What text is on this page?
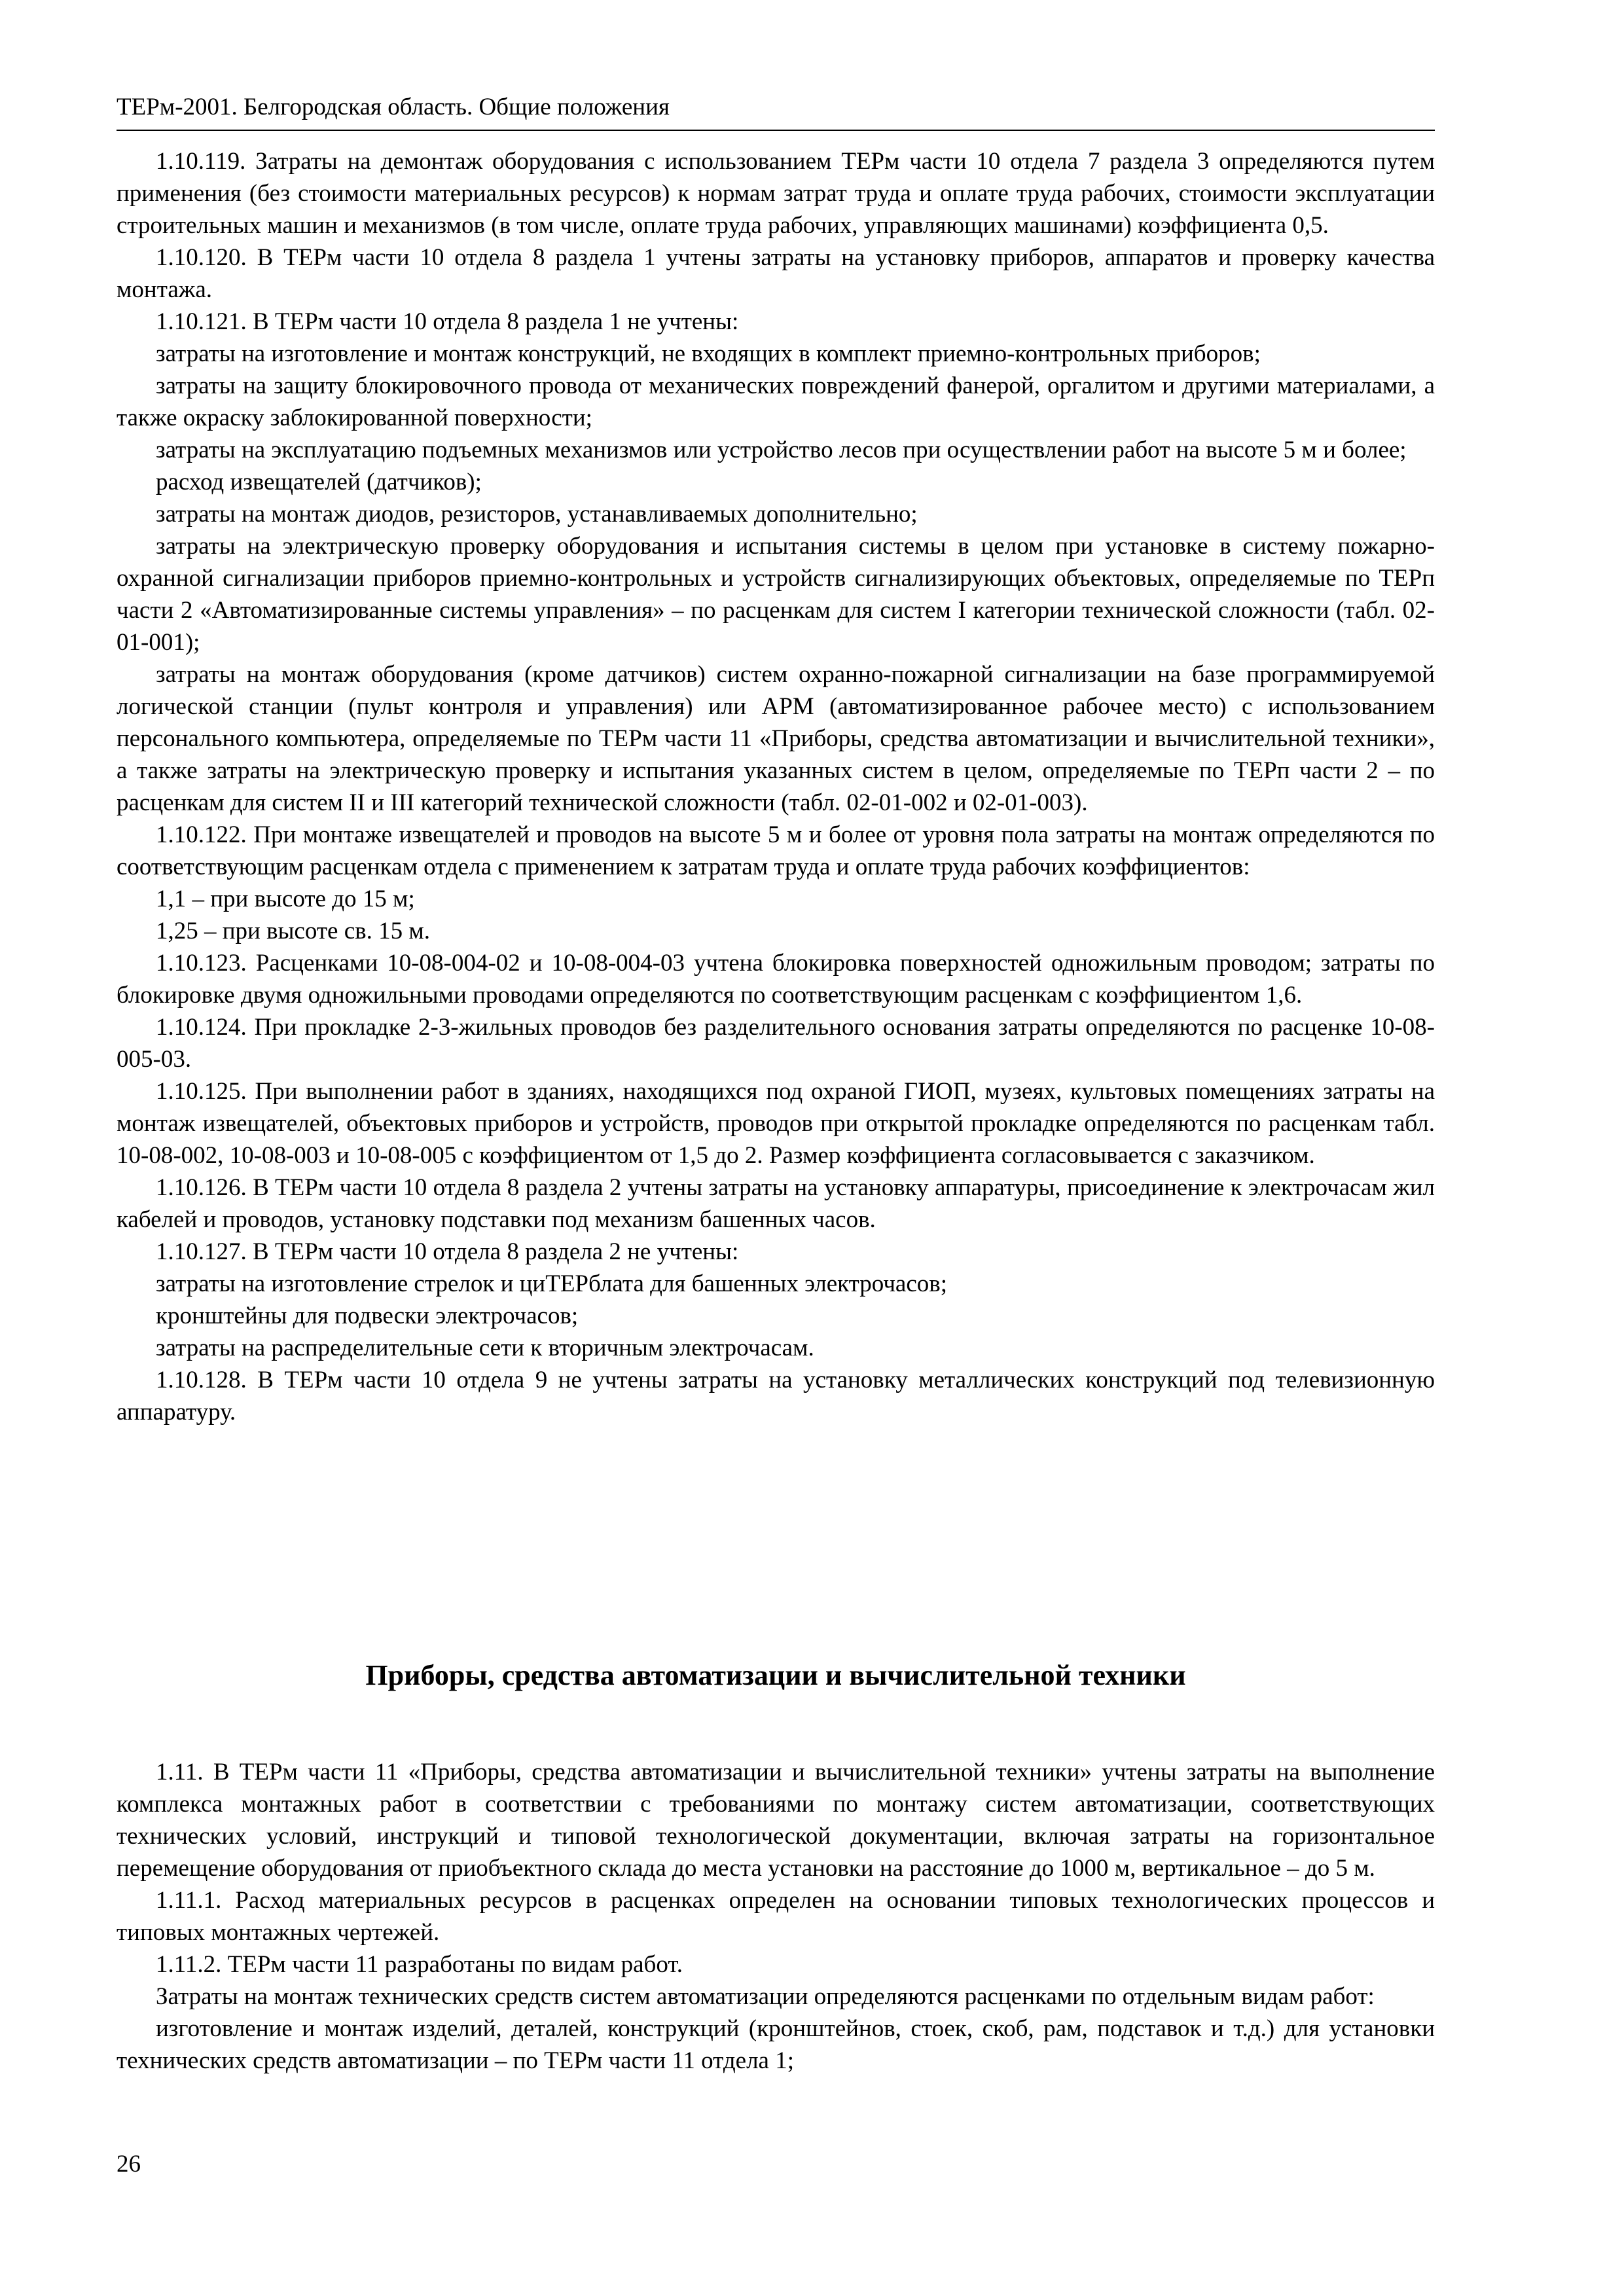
ТЕРм-2001. Белгородская область. Общие положения

1.10.119. Затраты на демонтаж оборудования с использованием ТЕРм части 10 отдела 7 раздела 3 определяются путем применения (без стоимости материальных ресурсов) к нормам затрат труда и оплате труда рабочих, стоимости эксплуатации строительных машин и механизмов (в том числе, оплате труда рабочих, управляющих машинами) коэффициента 0,5.

1.10.120. В ТЕРм части 10 отдела 8 раздела 1 учтены затраты на установку приборов, аппаратов и проверку качества монтажа.

1.10.121. В ТЕРм части 10 отдела 8 раздела 1 не учтены:

затраты на изготовление и монтаж конструкций, не входящих в комплект приемно-контрольных приборов;

затраты на защиту блокировочного провода от механических повреждений фанерой, оргалитом и другими материалами, а также окраску заблокированной поверхности;

затраты на эксплуатацию подъемных механизмов или устройство лесов при осуществлении работ на высоте 5 м и более;

расход извещателей (датчиков);

затраты на монтаж диодов, резисторов, устанавливаемых дополнительно;

затраты на электрическую проверку оборудования и испытания системы в целом при установке в систему пожарно-охранной сигнализации приборов приемно-контрольных и устройств сигнализирующих объектовых, определяемые по ТЕРп части 2 «Автоматизированные системы управления» – по расценкам для систем I категории технической сложности (табл. 02-01-001);

затраты на монтаж оборудования (кроме датчиков) систем охранно-пожарной сигнализации на базе программируемой логической станции (пульт контроля и управления) или АРМ (автоматизированное рабочее место) с использованием персонального компьютера, определяемые по ТЕРм части 11 «Приборы, средства автоматизации и вычислительной техники», а также затраты на электрическую проверку и испытания указанных систем в целом, определяемые по ТЕРп части 2 – по расценкам для систем II и III категорий технической сложности (табл. 02-01-002 и 02-01-003).

1.10.122. При монтаже извещателей и проводов на высоте 5 м и более от уровня пола затраты на монтаж определяются по соответствующим расценкам отдела с применением к затратам труда и оплате труда рабочих коэффициентов:

1,1 – при высоте до 15 м;

1,25 – при высоте св. 15 м.

1.10.123. Расценками 10-08-004-02 и 10-08-004-03 учтена блокировка поверхностей одножильным проводом; затраты по блокировке двумя одножильными проводами определяются по соответствующим расценкам с коэффициентом 1,6.

1.10.124. При прокладке 2-3-жильных проводов без разделительного основания затраты определяются по расценке 10-08-005-03.

1.10.125. При выполнении работ в зданиях, находящихся под охраной ГИОП, музеях, культовых помещениях затраты на монтаж извещателей, объектовых приборов и устройств, проводов при открытой прокладке определяются по расценкам табл. 10-08-002, 10-08-003 и 10-08-005 с коэффициентом от 1,5 до 2. Размер коэффициента согласовывается с заказчиком.

1.10.126. В ТЕРм части 10 отдела 8 раздела 2 учтены затраты на установку аппаратуры, присоединение к электрочасам жил кабелей и проводов, установку подставки под механизм башенных часов.

1.10.127. В ТЕРм части 10 отдела 8 раздела 2 не учтены:

затраты на изготовление стрелок и циТЕРблата для башенных электрочасов;

кронштейны для подвески электрочасов;

затраты на распределительные сети к вторичным электрочасам.

1.10.128. В ТЕРм части 10 отдела 9 не учтены затраты на установку металлических конструкций под телевизионную аппаратуру.

Приборы, средства автоматизации и вычислительной техники

1.11. В ТЕРм части 11 «Приборы, средства автоматизации и вычислительной техники» учтены затраты на выполнение комплекса монтажных работ в соответствии с требованиями по монтажу систем автоматизации, соответствующих технических условий, инструкций и типовой технологической документации, включая затраты на горизонтальное перемещение оборудования от приобъектного склада до места установки на расстояние до 1000 м, вертикальное – до 5 м.

1.11.1. Расход материальных ресурсов в расценках определен на основании типовых технологических процессов и типовых монтажных чертежей.

1.11.2. ТЕРм части 11 разработаны по видам работ.

Затраты на монтаж технических средств систем автоматизации определяются расценками по отдельным видам работ:

изготовление и монтаж изделий, деталей, конструкций (кронштейнов, стоек, скоб, рам, подставок и т.д.) для установки технических средств автоматизации – по ТЕРм части 11 отдела 1;

26
